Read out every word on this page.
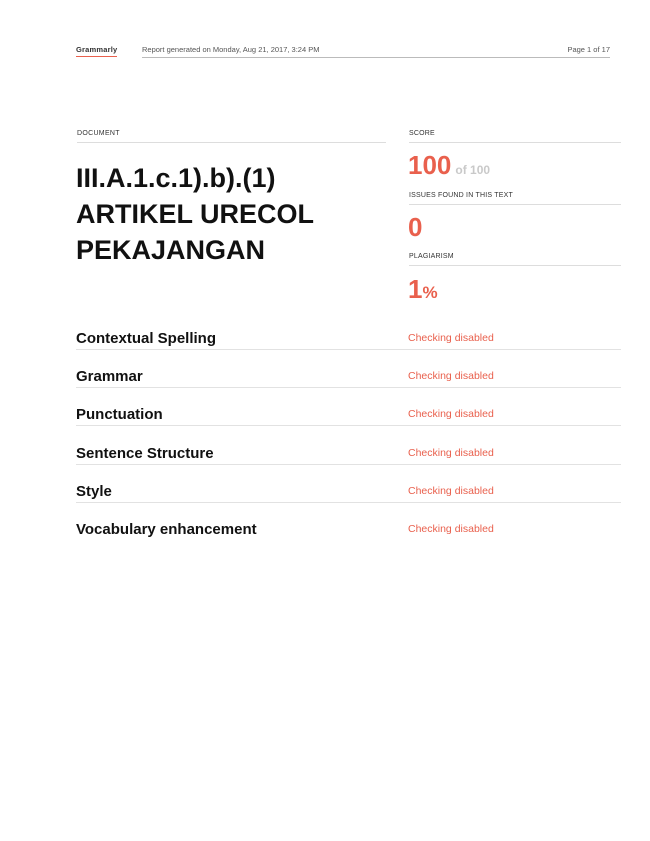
Grammarly	Report generated on Monday, Aug 21, 2017, 3:24 PM	Page 1 of 17
DOCUMENT
III.A.1.c.1).b).(1)
ARTIKEL URECOL
PEKAJANGAN
SCORE
100 of 100
ISSUES FOUND IN THIS TEXT
0
PLAGIARISM
1%
Contextual Spelling	Checking disabled
Grammar	Checking disabled
Punctuation	Checking disabled
Sentence Structure	Checking disabled
Style	Checking disabled
Vocabulary enhancement	Checking disabled
